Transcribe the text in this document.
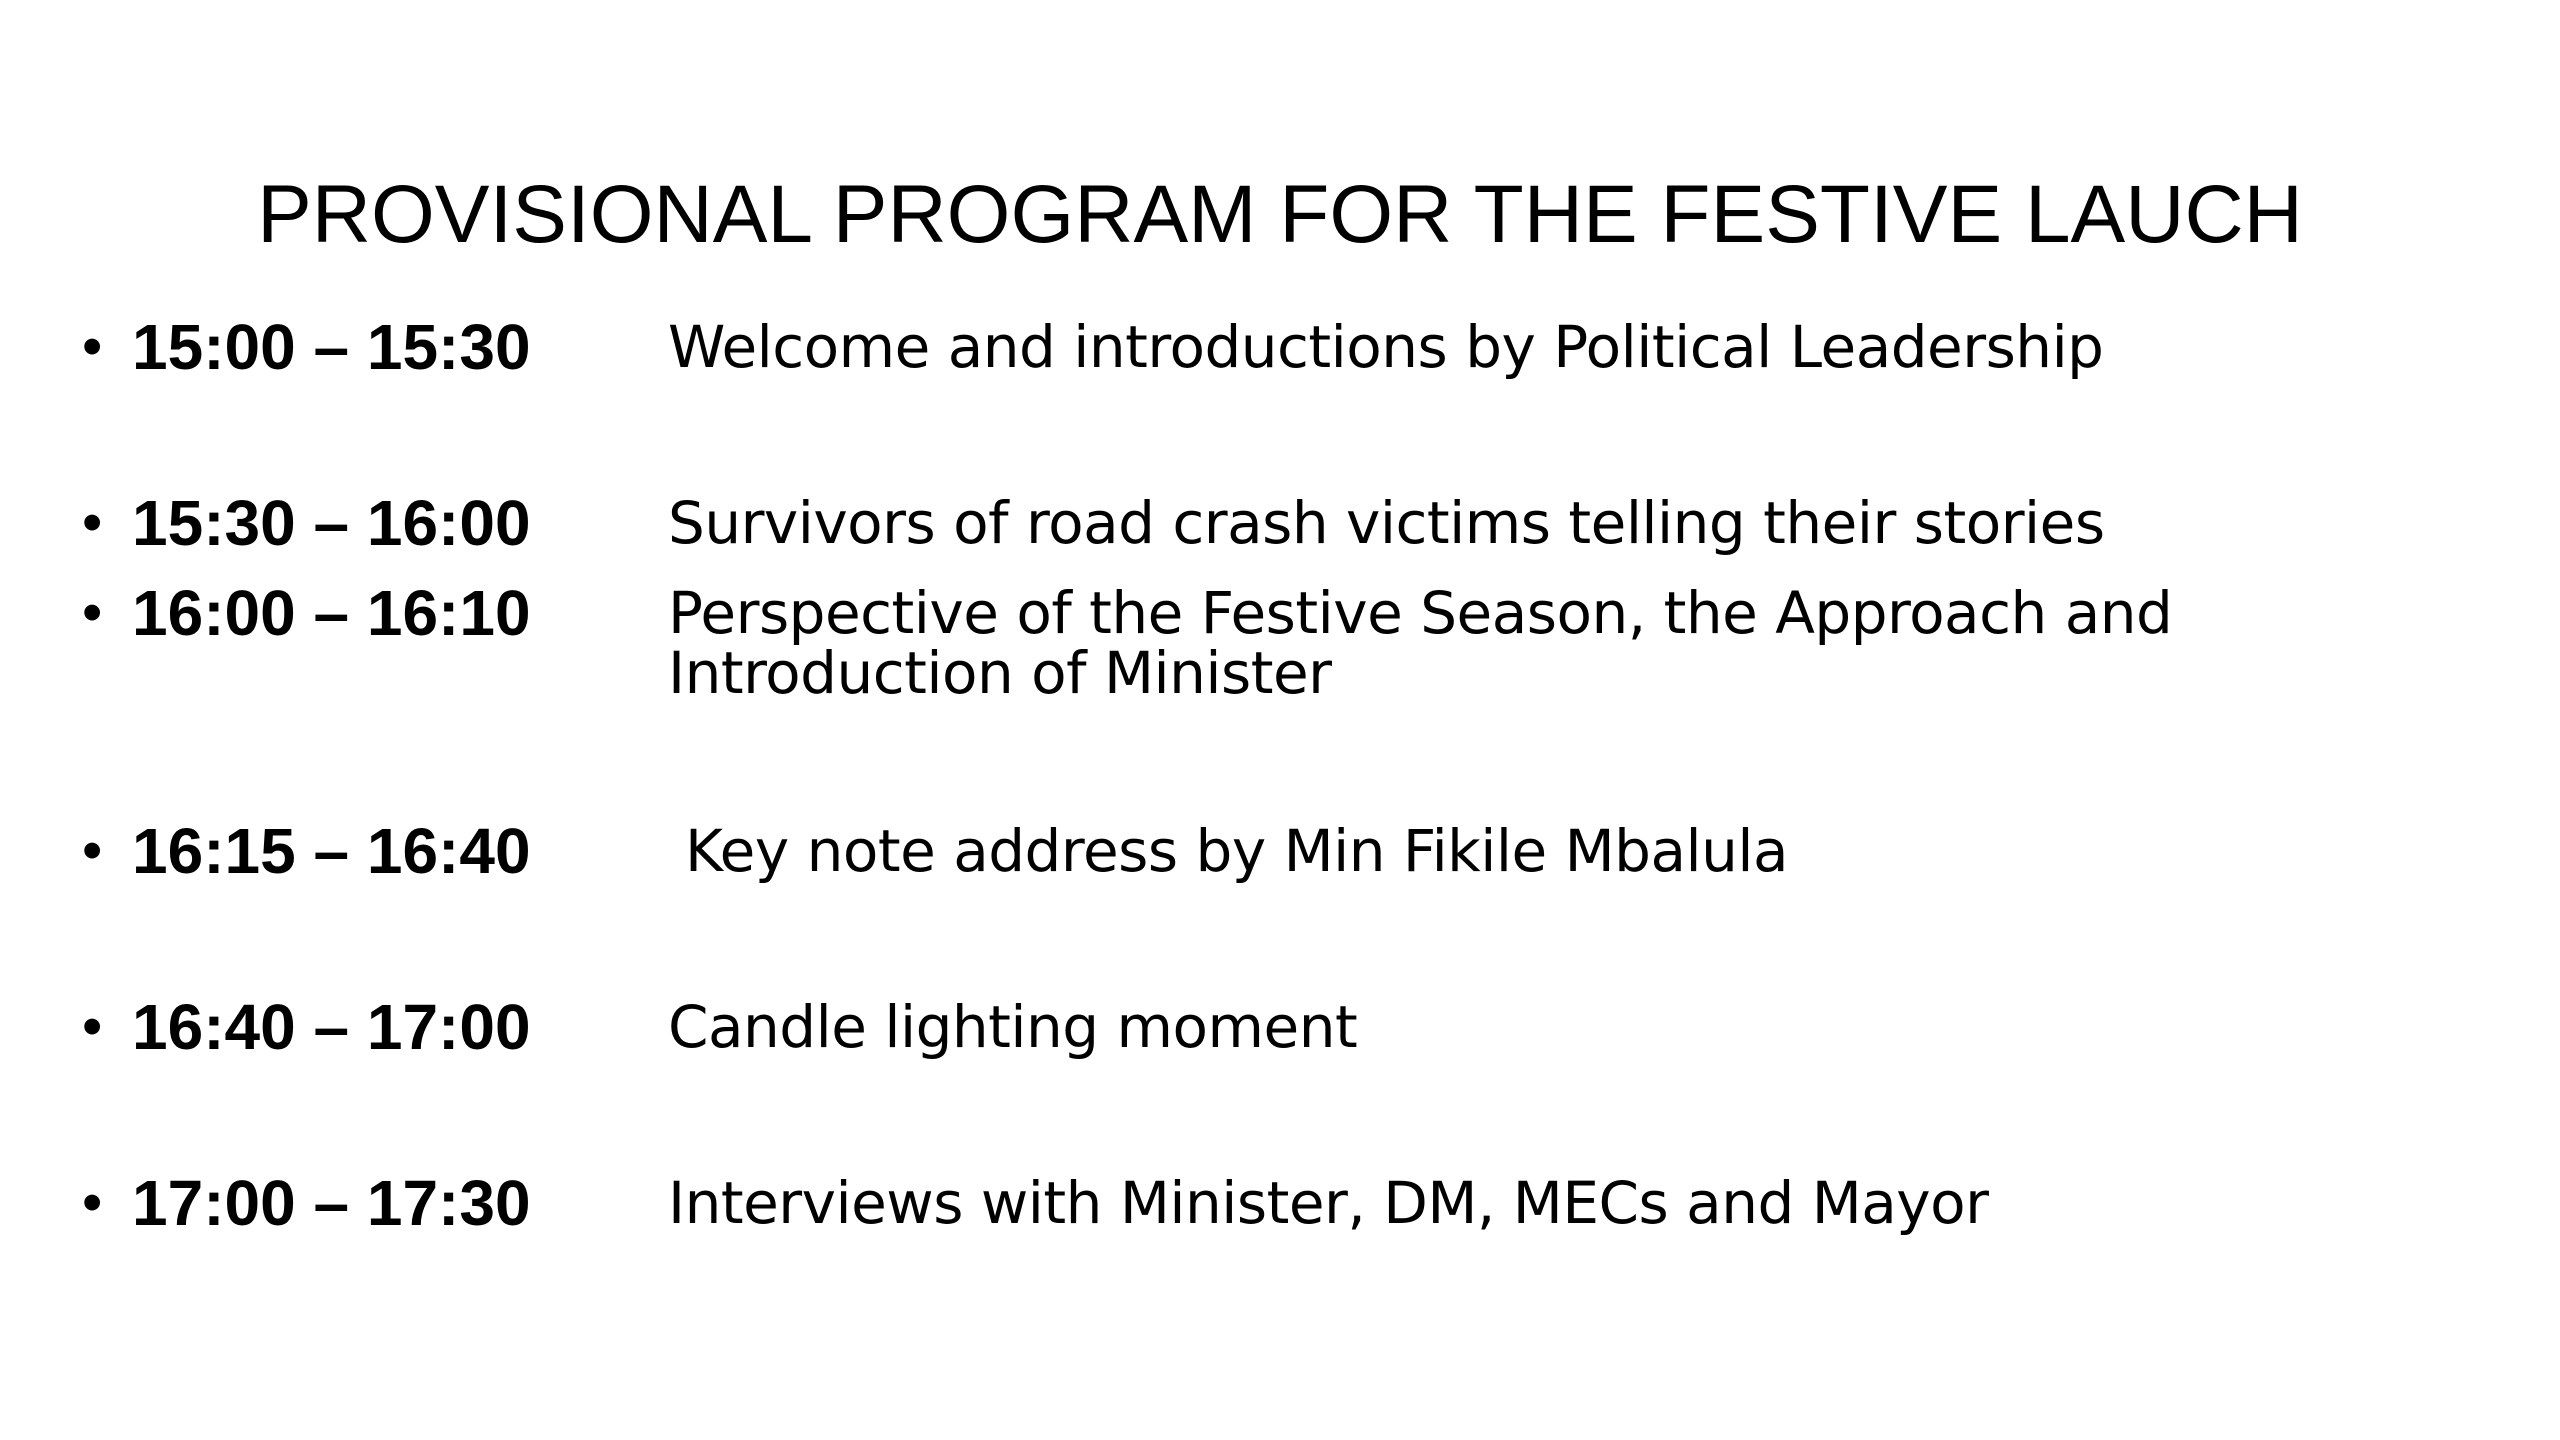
PROVISIONAL PROGRAM FOR THE FESTIVE LAUCH
• 15:00 – 15:30 Welcome and introductions by Political Leadership
• 15:30 – 16:00 Survivors of road crash victims telling their stories
• 16:00 – 16:10 Perspective of the Festive Season, the Approach and Introduction of Minister
• 16:15 – 16:40	Key note address by Min Fikile Mbalula
• 16:40 – 17:00 Candle lighting moment
• 17:00 – 17:30 Interviews with Minister, DM, MECs and Mayor
